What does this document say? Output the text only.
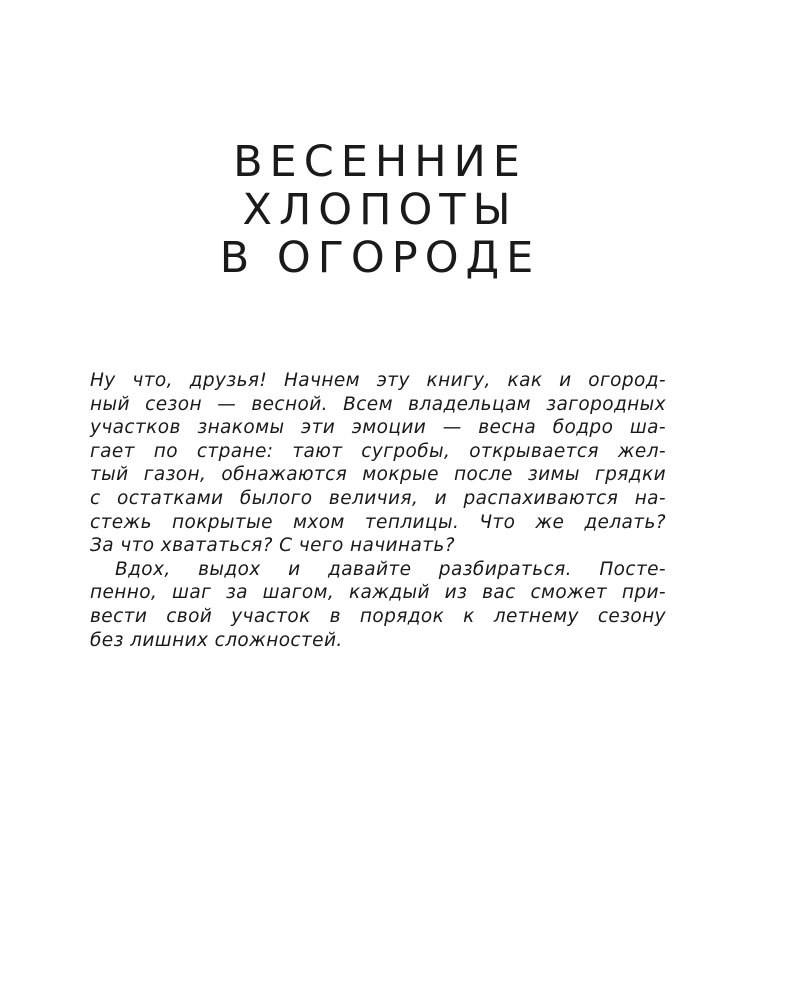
ВЕСЕННИЕ
ХЛОПОТЫ
В ОГОРОДЕ
Ну что, друзья! Начнем эту книгу, как и огород-
ный сезон — весной. Всем владельцам загородных
участков знакомы эти эмоции — весна бодро ша-
гает по стране: тают сугробы, открывается жел-
тый газон, обнажаются мокрые после зимы грядки
с остатками былого величия, и распахиваются на-
стежь покрытые мхом теплицы. Что же делать?
За что хвататься? С чего начинать?
Вдох, выдох и давайте разбираться. Посте-
пенно, шаг за шагом, каждый из вас сможет при-
вести свой участок в порядок к летнему сезону
без лишних сложностей.
